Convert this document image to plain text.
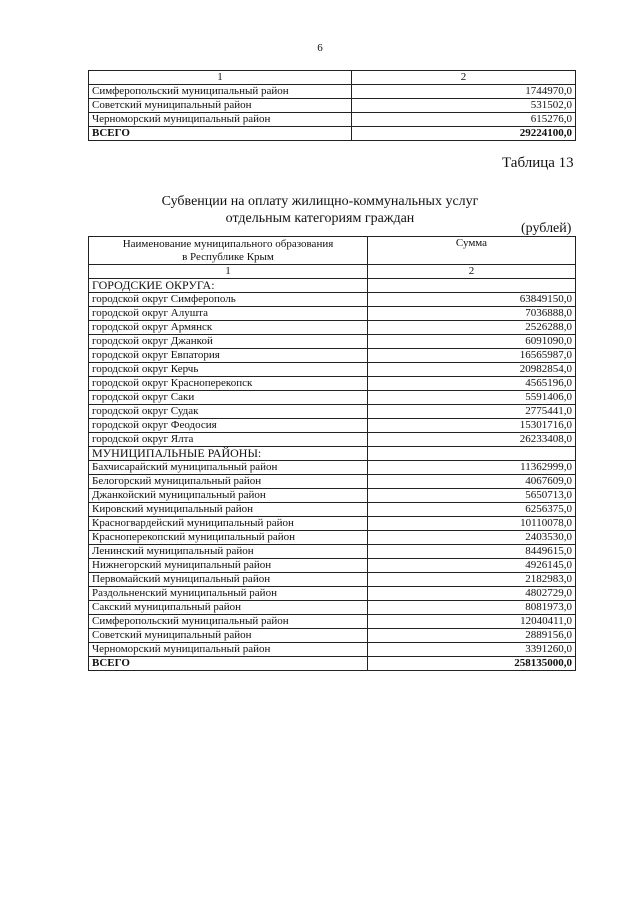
6
1	2
Симферопольский муниципальный район	1744970,0
Советский муниципальный район	531502,0
Черноморский муниципальный район	615276,0
ВСЕГО	29224100,0
Таблица 13
Субвенции на оплату жилищно-коммунальных услуг
отдельным категориям граждан
(рублей)
Наименование муниципального образования
в Республике Крым	Сумма
1	2
ГОРОДСКИЕ ОКРУГА:	
городской округ Симферополь	63849150,0
городской округ Алушта	7036888,0
городской округ Армянск	2526288,0
городской округ Джанкой	6091090,0
городской округ Евпатория	16565987,0
городской округ Керчь	20982854,0
городской округ Красноперекопск	4565196,0
городской округ Саки	5591406,0
городской округ Судак	2775441,0
городской округ Феодосия	15301716,0
городской округ Ялта	26233408,0
МУНИЦИПАЛЬНЫЕ РАЙОНЫ:	
Бахчисарайский муниципальный район	11362999,0
Белогорский муниципальный район	4067609,0
Джанкойский муниципальный район	5650713,0
Кировский муниципальный район	6256375,0
Красногвардейский муниципальный район	10110078,0
Красноперекопский муниципальный район	2403530,0
Ленинский муниципальный район	8449615,0
Нижнегорский муниципальный район	4926145,0
Первомайский муниципальный район	2182983,0
Раздольненский муниципальный район	4802729,0
Сакский муниципальный район	8081973,0
Симферопольский муниципальный район	12040411,0
Советский муниципальный район	2889156,0
Черноморский муниципальный район	3391260,0
ВСЕГО	258135000,0
